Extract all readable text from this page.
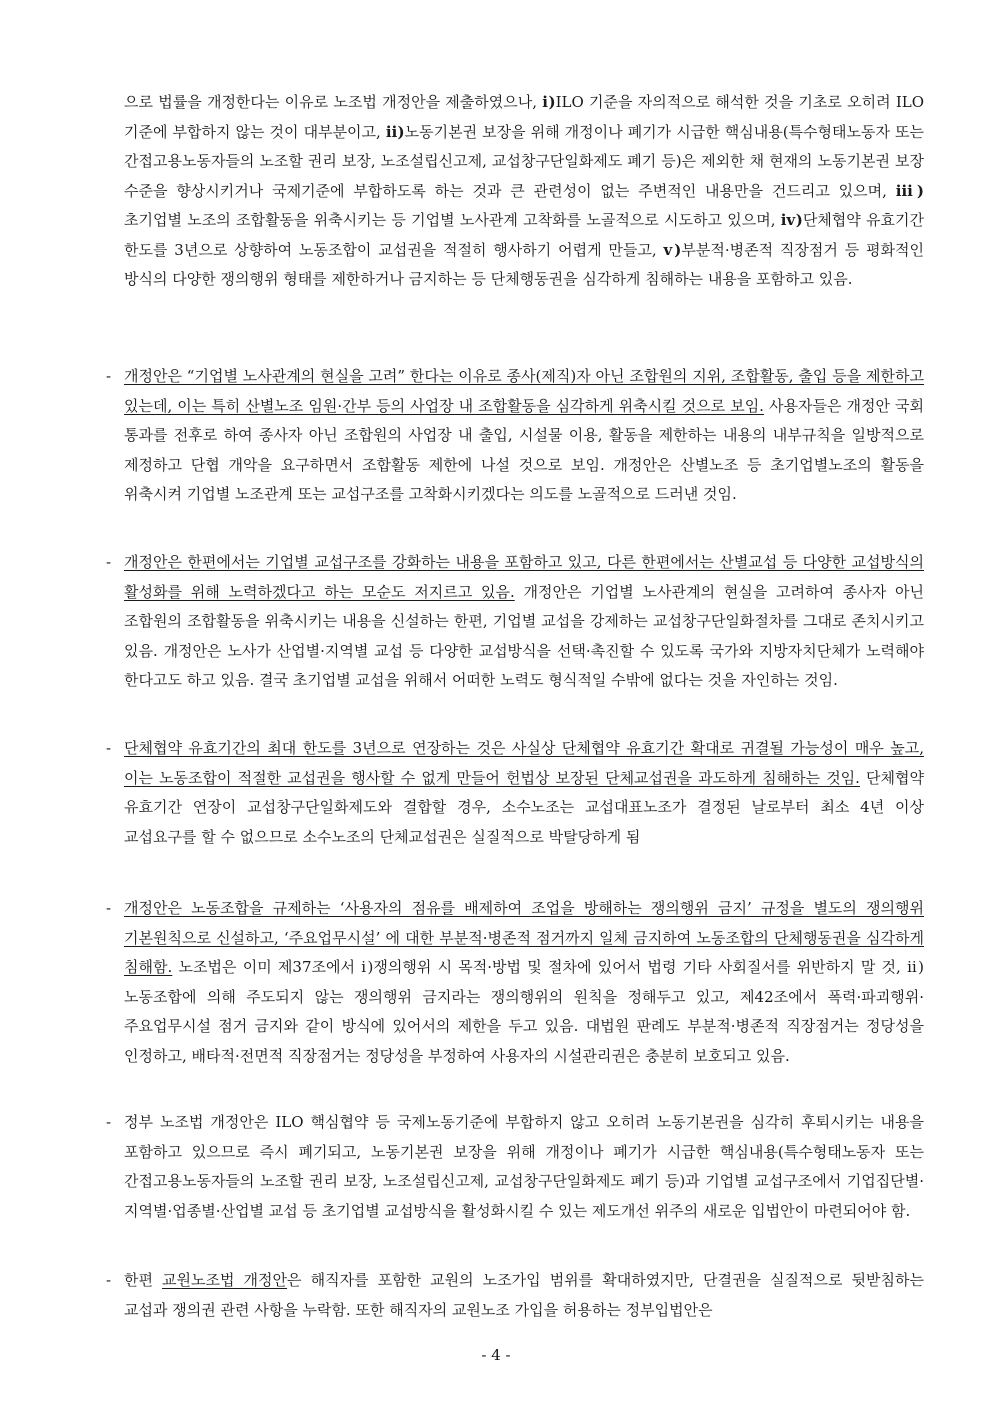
으로 법률을 개정한다는 이유로 노조법 개정안을 제출하였으나, ⅰ)ILO 기준을 자의적으로 해석한 것을 기초로 오히려 ILO 기준에 부합하지 않는 것이 대부분이고, ⅱ)노동기본권 보장을 위해 개정이나 폐기가 시급한 핵심내용(특수형태노동자 또는 간접고용노동자들의 노조할 권리 보장, 노조설립신고제, 교섭창구단일화제도 폐기 등)은 제외한 채 현재의 노동기본권 보장 수준을 향상시키거나 국제기준에 부합하도록 하는 것과 큰 관련성이 없는 주변적인 내용만을 건드리고 있으며, ⅲ)초기업별 노조의 조합활동을 위축시키는 등 기업별 노사관계 고착화를 노골적으로 시도하고 있으며, ⅳ)단체협약 유효기간 한도를 3년으로 상향하여 노동조합이 교섭권을 적절히 행사하기 어렵게 만들고, ⅴ)부분적·병존적 직장점거 등 평화적인 방식의 다양한 쟁의행위 형태를 제한하거나 금지하는 등 단체행동권을 심각하게 침해하는 내용을 포함하고 있음.
- 개정안은 “기업별 노사관계의 현실을 고려” 한다는 이유로 종사(제직)자 아닌 조합원의 지위, 조합활동, 출입 등을 제한하고 있는데, 이는 특히 산별노조 임원·간부 등의 사업장 내 조합활동을 심각하게 위축시킬 것으로 보임. 사용자들은 개정안 국회 통과를 전후로 하여 종사자 아닌 조합원의 사업장 내 출입, 시설물 이용, 활동을 제한하는 내용의 내부규칙을 일방적으로 제정하고 단협 개악을 요구하면서 조합활동 제한에 나설 것으로 보임. 개정안은 산별노조 등 초기업별노조의 활동을 위축시켜 기업별 노조관계 또는 교섭구조를 고착화시키겠다는 의도를 노골적으로 드러낸 것임.
- 개정안은 한편에서는 기업별 교섭구조를 강화하는 내용을 포함하고 있고, 다른 한편에서는 산별교섭 등 다양한 교섭방식의 활성화를 위해 노력하겠다고 하는 모순도 저지르고 있음. 개정안은 기업별 노사관계의 현실을 고려하여 종사자 아닌 조합원의 조합활동을 위축시키는 내용을 신설하는 한편, 기업별 교섭을 강제하는 교섭창구단일화절차를 그대로 존치시키고 있음. 개정안은 노사가 산업별·지역별 교섭 등 다양한 교섭방식을 선택·촉진할 수 있도록 국가와 지방자치단체가 노력해야 한다고도 하고 있음. 결국 초기업별 교섭을 위해서 어떠한 노력도 형식적일 수밖에 없다는 것을 자인하는 것임.
- 단체협약 유효기간의 최대 한도를 3년으로 연장하는 것은 사실상 단체협약 유효기간 확대로 귀결될 가능성이 매우 높고, 이는 노동조합이 적절한 교섭권을 행사할 수 없게 만들어 헌법상 보장된 단체교섭권을 과도하게 침해하는 것임. 단체협약 유효기간 연장이 교섭창구단일화제도와 결합할 경우, 소수노조는 교섭대표노조가 결정된 날로부터 최소 4년 이상 교섭요구를 할 수 없으므로 소수노조의 단체교섭권은 실질적으로 박탈당하게 됨
- 개정안은 노동조합을 규제하는 ‘사용자의 점유를 배제하여 조업을 방해하는 쟁의행위 금지’ 규정을 별도의 쟁의행위 기본원칙으로 신설하고, ‘주요업무시설’ 에 대한 부분적·병존적 점거까지 일체 금지하여 노동조합의 단체행동권을 심각하게 침해함. 노조법은 이미 제37조에서 ⅰ)쟁의행위 시 목적·방법 및 절차에 있어서 법령 기타 사회질서를 위반하지 말 것, ⅱ) 노동조합에 의해 주도되지 않는 쟁의행위 금지라는 쟁의행위의 원칙을 정해두고 있고, 제42조에서 폭력·파괴행위·주요업무시설 점거 금지와 같이 방식에 있어서의 제한을 두고 있음. 대법원 판례도 부분적·병존적 직장점거는 정당성을 인정하고, 배타적·전면적 직장점거는 정당성을 부정하여 사용자의 시설관리권은 충분히 보호되고 있음.
- 정부 노조법 개정안은 ILO 핵심협약 등 국제노동기준에 부합하지 않고 오히려 노동기본권을 심각히 후퇴시키는 내용을 포함하고 있으므로 즉시 폐기되고, 노동기본권 보장을 위해 개정이나 폐기가 시급한 핵심내용(특수형태노동자 또는 간접고용노동자들의 노조할 권리 보장, 노조설립신고제, 교섭창구단일화제도 폐기 등)과 기업별 교섭구조에서 기업집단별·지역별·업종별·산업별 교섭 등 초기업별 교섭방식을 활성화시킬 수 있는 제도개선 위주의 새로운 입법안이 마련되어야 함.
- 한편 교원노조법 개정안은 해직자를 포함한 교원의 노조가입 범위를 확대하였지만, 단결권을 실질적으로 뒷받침하는 교섭과 쟁의권 관련 사항을 누락함. 또한 해직자의 교원노조 가입을 허용하는 정부입법안은
- 4 -
